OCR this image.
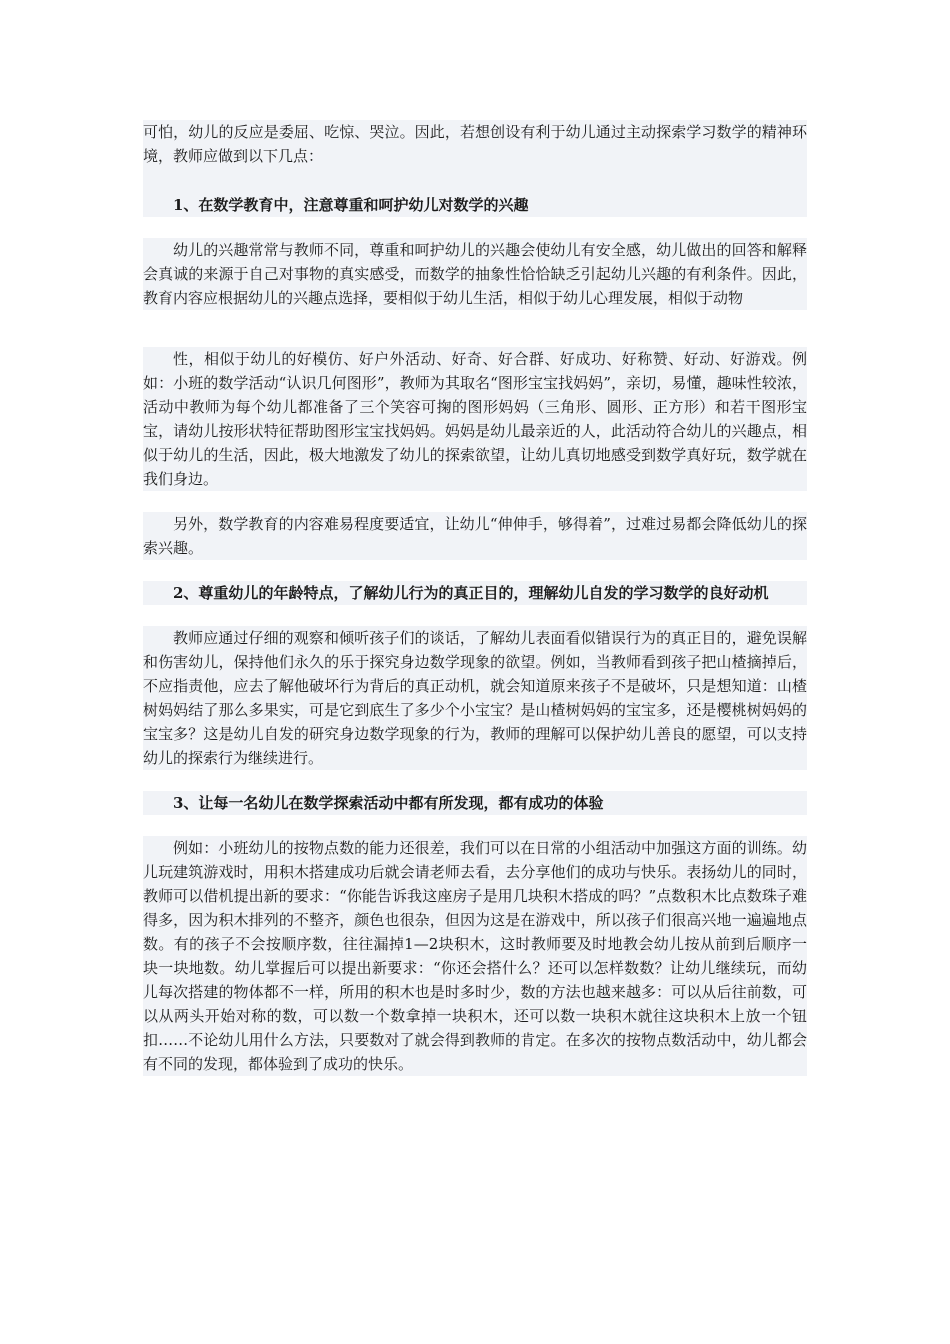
可怕，幼儿的反应是委屈、吃惊、哭泣。因此，若想创设有利于幼儿通过主动探索学习数学的精神环境，教师应做到以下几点：

1、在数学教育中，注意尊重和呵护幼儿对数学的兴趣

幼儿的兴趣常常与教师不同，尊重和呵护幼儿的兴趣会使幼儿有安全感，幼儿做出的回答和解释会真诚的来源于自己对事物的真实感受，而数学的抽象性恰恰缺乏引起幼儿兴趣的有利条件。因此，教育内容应根据幼儿的兴趣点选择，要相似于幼儿生活，相似于幼儿心理发展，相似于动物

性，相似于幼儿的好模仿、好户外活动、好奇、好合群、好成功、好称赞、好动、好游戏。例如：小班的数学活动“认识几何图形”，教师为其取名“图形宝宝找妈妈”，亲切，易懂，趣味性较浓，活动中教师为每个幼儿都准备了三个笑容可掬的图形妈妈（三角形、圆形、正方形）和若干图形宝宝，请幼儿按形状特征帮助图形宝宝找妈妈。妈妈是幼儿最亲近的人，此活动符合幼儿的兴趣点，相似于幼儿的生活，因此，极大地激发了幼儿的探索欲望，让幼儿真切地感受到数学真好玩，数学就在我们身边。

另外，数学教育的内容难易程度要适宜，让幼儿“伸伸手，够得着”，过难过易都会降低幼儿的探索兴趣。

2、尊重幼儿的年龄特点，了解幼儿行为的真正目的，理解幼儿自发的学习数学的良好动机

教师应通过仔细的观察和倾听孩子们的谈话，了解幼儿表面看似错误行为的真正目的，避免误解和伤害幼儿，保持他们永久的乐于探究身边数学现象的欲望。例如，当教师看到孩子把山楂摘掉后，不应指责他，应去了解他破坏行为背后的真正动机，就会知道原来孩子不是破坏，只是想知道：山楂树妈妈结了那么多果实，可是它到底生了多少个小宝宝？是山楂树妈妈的宝宝多，还是樱桃树妈妈的宝宝多？这是幼儿自发的研究身边数学现象的行为，教师的理解可以保护幼儿善良的愿望，可以支持幼儿的探索行为继续进行。

3、让每一名幼儿在数学探索活动中都有所发现，都有成功的体验

例如：小班幼儿的按物点数的能力还很差，我们可以在日常的小组活动中加强这方面的训练。幼儿玩建筑游戏时，用积木搭建成功后就会请老师去看，去分享他们的成功与快乐。表扬幼儿的同时，教师可以借机提出新的要求：“你能告诉我这座房子是用几块积木搭成的吗？”点数积木比点数珠子难得多，因为积木排列的不整齐，颜色也很杂，但因为这是在游戏中，所以孩子们很高兴地一遍遍地点数。有的孩子不会按顺序数，往往漏掉1—2块积木，这时教师要及时地教会幼儿按从前到后顺序一块一块地数。幼儿掌握后可以提出新要求：“你还会搭什么？还可以怎样数数？让幼儿继续玩，而幼儿每次搭建的物体都不一样，所用的积木也是时多时少，数的方法也越来越多：可以从后往前数，可以从两头开始对称的数，可以数一个数拿掉一块积木，还可以数一块积木就往这块积木上放一个钮扣……不论幼儿用什么方法，只要数对了就会得到教师的肯定。在多次的按物点数活动中，幼儿都会有不同的发现，都体验到了成功的快乐。
